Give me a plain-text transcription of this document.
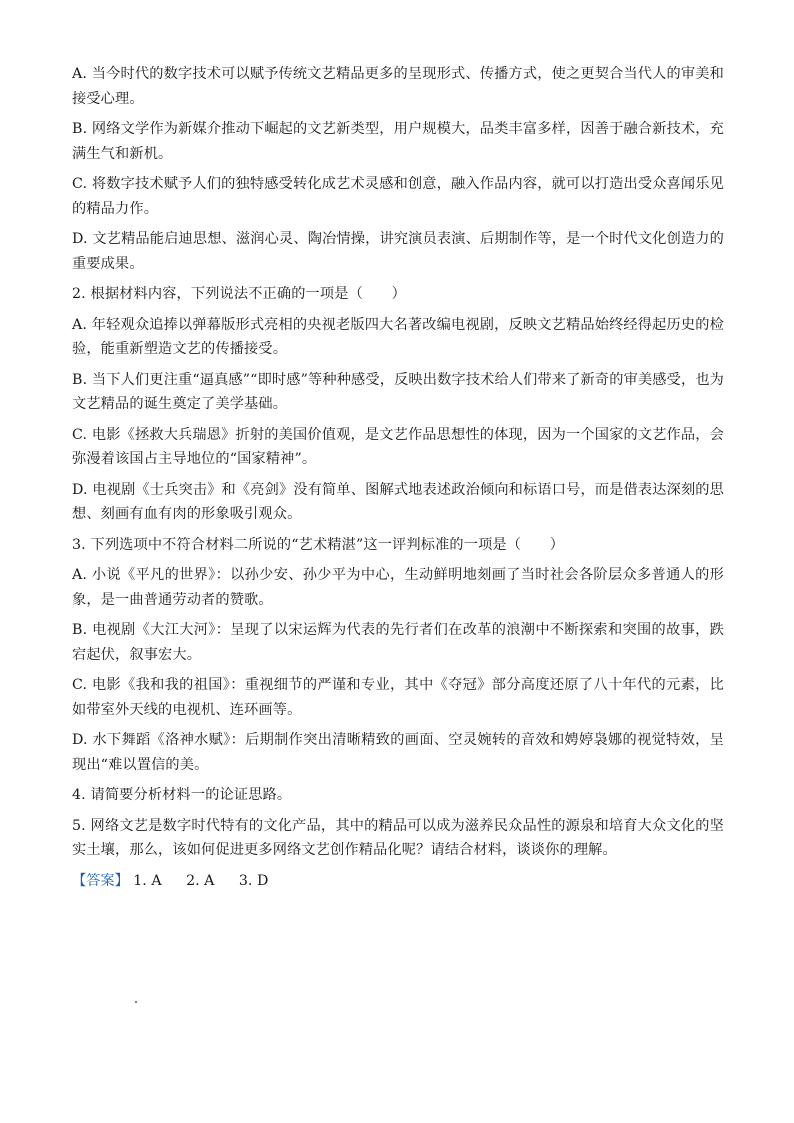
A. 当今时代的数字技术可以赋予传统文艺精品更多的呈现形式、传播方式，使之更契合当代人的审美和接受心理。

B. 网络文学作为新媒介推动下崛起的文艺新类型，用户规模大，品类丰富多样，因善于融合新技术，充满生气和新机。

C. 将数字技术赋予人们的独特感受转化成艺术灵感和创意，融入作品内容，就可以打造出受众喜闻乐见的精品力作。

D. 文艺精品能启迪思想、滋润心灵、陶冶情操，讲究演员表演、后期制作等，是一个时代文化创造力的重要成果。

2. 根据材料内容，下列说法不正确的一项是（　　）

A. 年轻观众追捧以弹幕版形式亮相的央视老版四大名著改编电视剧，反映文艺精品始终经得起历史的检验，能重新塑造文艺的传播接受。

B. 当下人们更注重“逼真感”“即时感”等种种感受，反映出数字技术给人们带来了新奇的审美感受，也为文艺精品的诞生奠定了美学基础。

C. 电影《拯救大兵瑞恩》折射的美国价值观，是文艺作品思想性的体现，因为一个国家的文艺作品，会弥漫着该国占主导地位的“国家精神”。

D. 电视剧《士兵突击》和《亮剑》没有简单、图解式地表述政治倾向和标语口号，而是借表达深刻的思想、刻画有血有肉的形象吸引观众。

3. 下列选项中不符合材料二所说的“艺术精湛”这一评判标准的一项是（　　）

A. 小说《平凡的世界》：以孙少安、孙少平为中心，生动鲜明地刻画了当时社会各阶层众多普通人的形象，是一曲普通劳动者的赞歌。

B. 电视剧《大江大河》：呈现了以宋运辉为代表的先行者们在改革的浪潮中不断探索和突围的故事，跌宕起伏，叙事宏大。

C. 电影《我和我的祖国》：重视细节的严谨和专业，其中《夺冠》部分高度还原了八十年代的元素，比如带室外天线的电视机、连环画等。

D. 水下舞蹈《洛神水赋》：后期制作突出清晰精致的画面、空灵婉转的音效和娉婷袅娜的视觉特效，呈现出“难以置信的美。

4. 请简要分析材料一的论证思路。

5. 网络文艺是数字时代特有的文化产品，其中的精品可以成为滋养民众品性的源泉和培育大众文化的坚实土壤，那么，该如何促进更多网络文艺创作精品化呢？请结合材料，谈谈你的理解。

【答案】 1. A 2. A 3. D
